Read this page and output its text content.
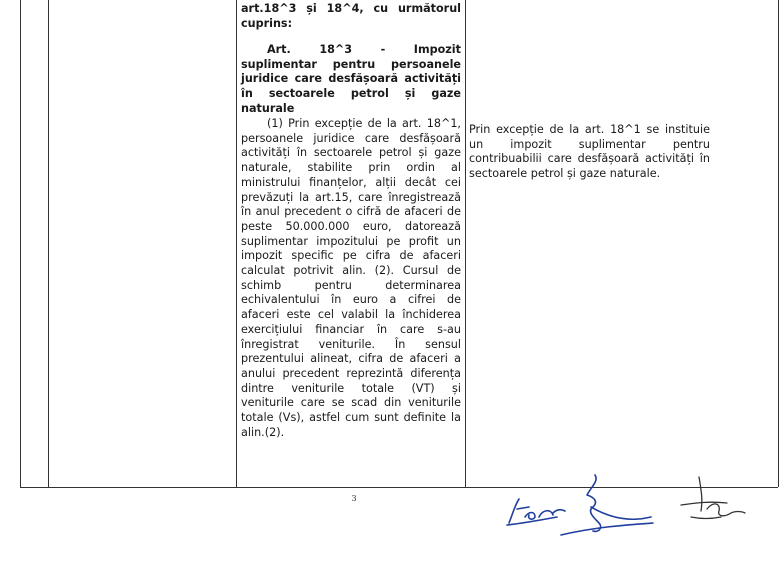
art.18^3 și 18^4, cu următorul cuprins:
Art. 18^3 - Impozit suplimentar pentru persoanele juridice care desfășoară activități în sectoarele petrol și gaze naturale
(1) Prin excepție de la art. 18^1, persoanele juridice care desfășoară activități în sectoarele petrol și gaze naturale, stabilite prin ordin al ministrului finanțelor, alții decât cei prevăzuți la art.15, care înregistrează în anul precedent o cifră de afaceri de peste 50.000.000 euro, datorează suplimentar impozitului pe profit un impozit specific pe cifra de afaceri calculat potrivit alin. (2). Cursul de schimb pentru determinarea echivalentului în euro a cifrei de afaceri este cel valabil la închiderea exercițiului financiar în care s-au înregistrat veniturile. În sensul prezentului alineat, cifra de afaceri a anului precedent reprezintă diferența dintre veniturile totale (VT) și veniturile care se scad din veniturile totale (Vs), astfel cum sunt definite la alin.(2).
Prin excepție de la art. 18^1 se instituie un impozit suplimentar pentru contribuabilii care desfășoară activități în sectoarele petrol și gaze naturale.
3
